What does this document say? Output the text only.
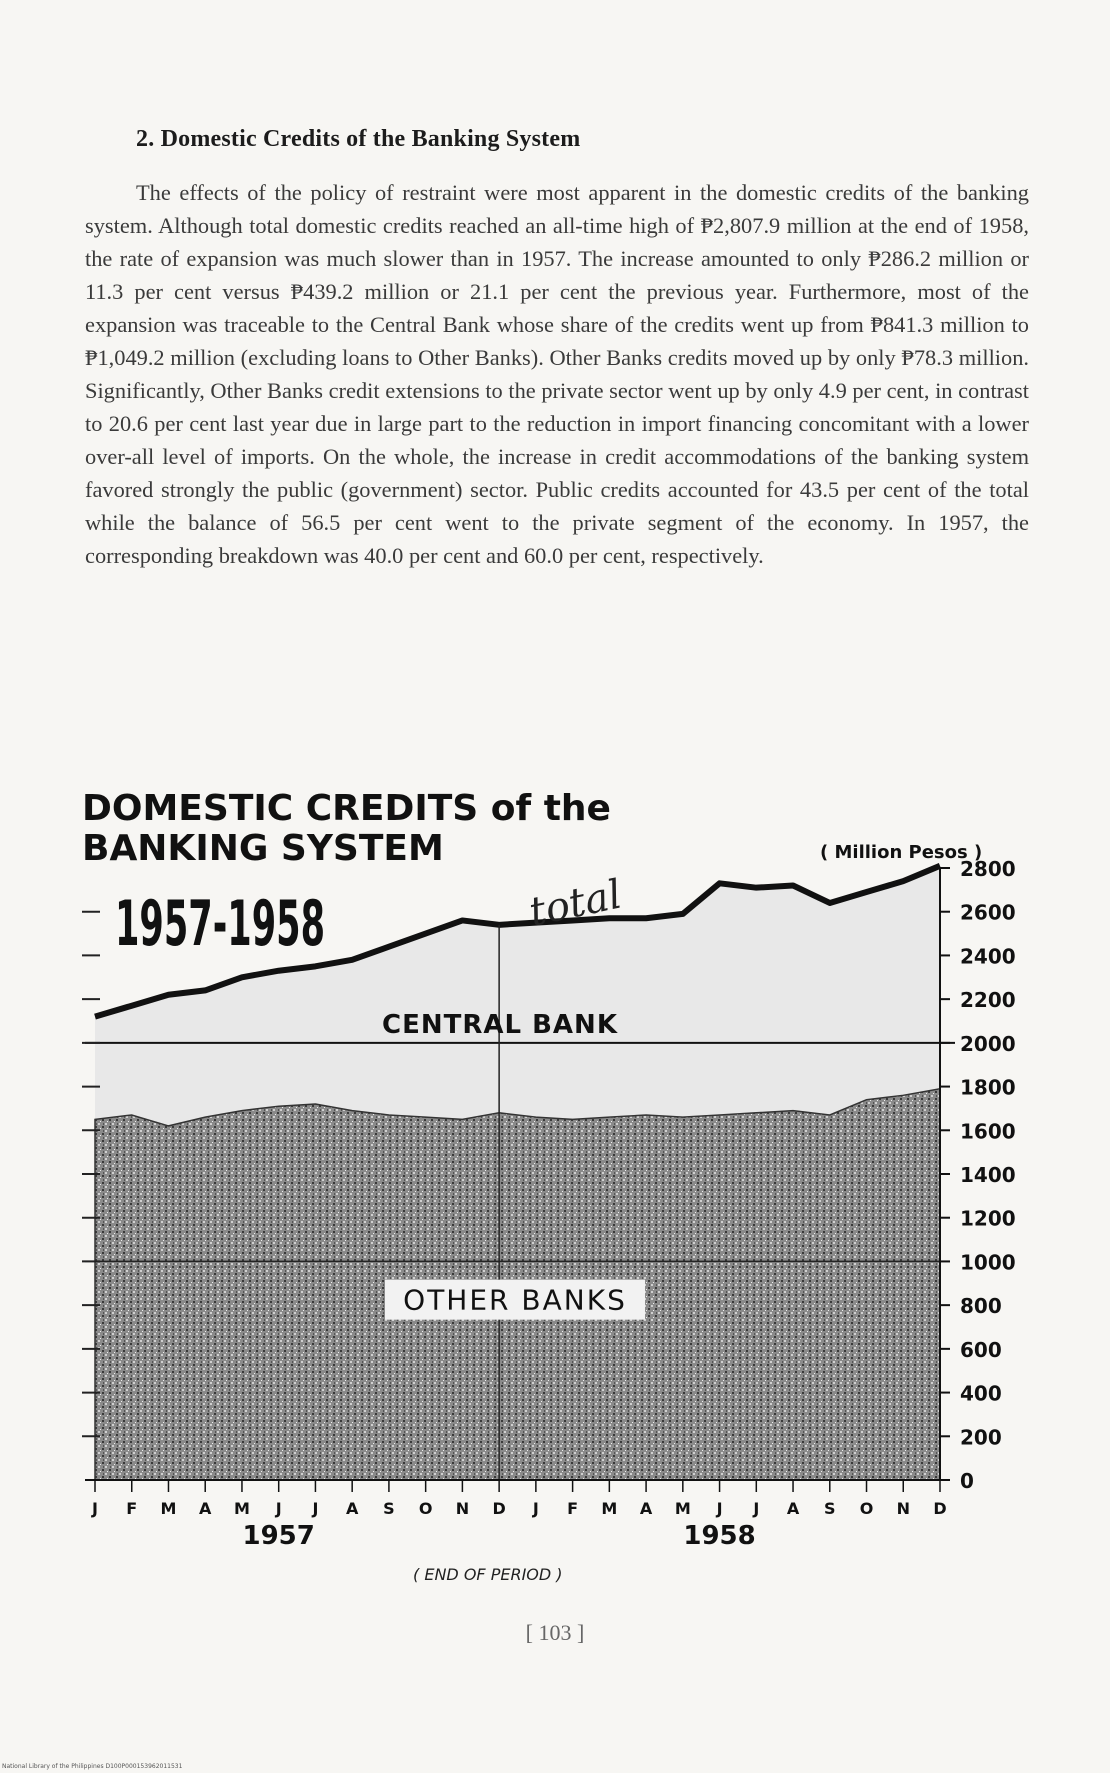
2. Domestic Credits of the Banking System
The effects of the policy of restraint were most apparent in the domestic credits of the banking system. Although total domestic credits reached an all-time high of ₱2,807.9 million at the end of 1958, the rate of expansion was much slower than in 1957. The increase amounted to only ₱286.2 million or 11.3 per cent versus ₱439.2 million or 21.1 per cent the previous year. Furthermore, most of the expansion was traceable to the Central Bank whose share of the credits went up from ₱841.3 million to ₱1,049.2 million (excluding loans to Other Banks). Other Banks credits moved up by only ₱78.3 million. Significantly, Other Banks credit extensions to the private sector went up by only 4.9 per cent, in contrast to 20.6 per cent last year due in large part to the reduction in import financing concomitant with a lower over-all level of imports. On the whole, the increase in credit accommodations of the banking system favored strongly the public (government) sector. Public credits accounted for 43.5 per cent of the total while the balance of 56.5 per cent went to the private segment of the economy. In 1957, the corresponding breakdown was 40.0 per cent and 60.0 per cent, respectively.
0
200
400
600
800
1000
1200
1400
1600
1800
2000
2200
2400
2600
2800
J F M A M J J A S O N D J F M A M J J A S O N D
1957	1958
CENTRAL BANK
OTHER BANKS
DOMESTIC CREDITS of the
BANKING SYSTEM
1957-1958
( Million Pesos )
total
( END OF PERIOD )
[ 103 ]
National Library of the Philippines D100P000153962011531
